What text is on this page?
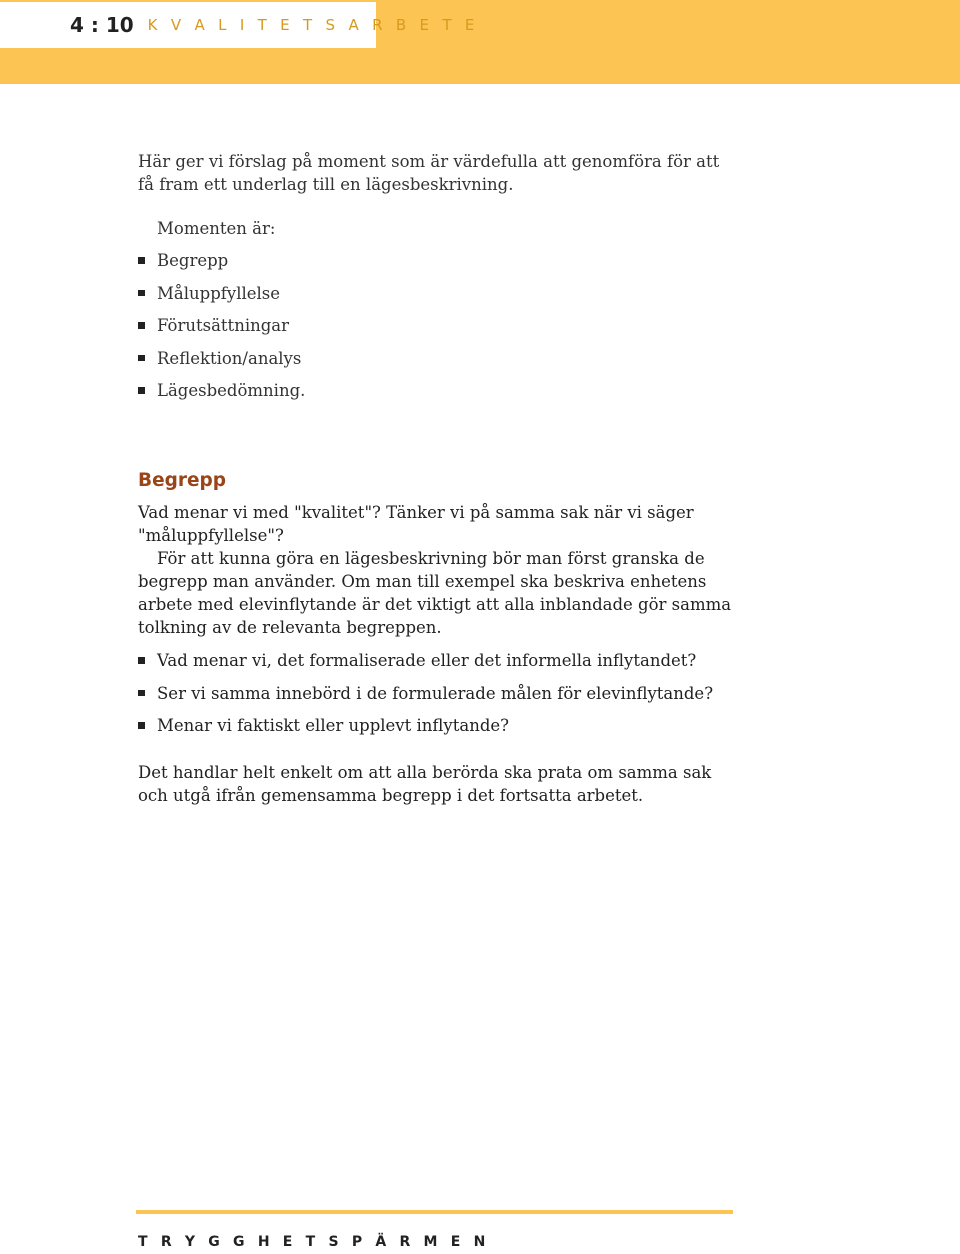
4 : 10 K V A L I T E T S A R B E T E

Här ger vi förslag på moment som är värdefulla att genomföra för att få fram ett underlag till en lägesbeskrivning.

Momenten är:

Begrepp
Måluppfyllelse
Förutsättningar
Reflektion/analys
Lägesbedömning.
Begrepp

Vad menar vi med "kvalitet"? Tänker vi på samma sak när vi säger "måluppfyllelse"?

För att kunna göra en lägesbeskrivning bör man först granska de begrepp man använder. Om man till exempel ska beskriva enhetens arbete med elevinflytande är det viktigt att alla inblandade gör samma tolkning av de relevanta begreppen.

Vad menar vi, det formaliserade eller det informella inflytandet?
Ser vi samma innebörd i de formulerade målen för elevinflytande?
Menar vi faktiskt eller upplevt inflytande?

Det handlar helt enkelt om att alla berörda ska prata om samma sak och utgå ifrån gemensamma begrepp i det fortsatta arbetet.

T R Y G G H E T S P Ä R M E N
